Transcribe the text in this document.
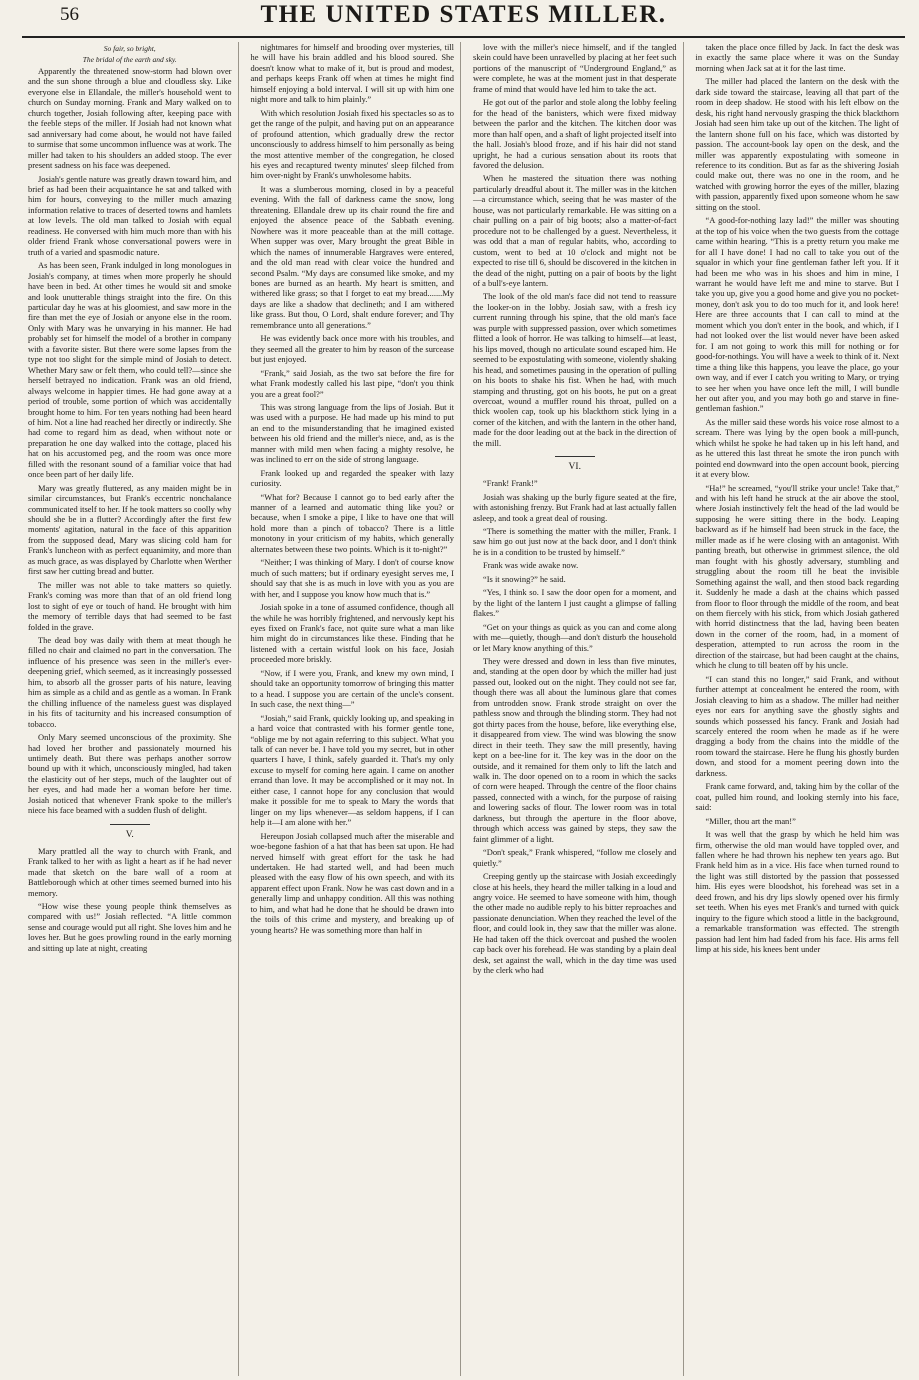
56	THE UNITED STATES MILLER.
So fair, so bright,
The bridal of the earth and sky.

Apparently the threatened snow-storm had blown over and the sun shone through a blue and cloudless sky. Like everyone else in Ellandale, the miller's household went to church on Sunday morning. Frank and Mary walked on to church together, Josiah following after, keeping pace with the feeble steps of the miller. If Josiah had not known what sad anniversary had come about, he would not have failed to surmise that some uncommon influence was at work. The miller had taken to his shoulders an added stoop. The ever present sadness on his face was deepened.

Josiah's gentle nature was greatly drawn toward him, and brief as had been their acquaintance he sat and talked with him for hours, conveying to the miller much amazing information relative to traces of deserted towns and hamlets at low levels. The old man talked to Josiah with equal readiness. He conversed with him much more than with his older friend Frank whose conversational powers were in truth of a varied and spasmodic nature.

As has been seen, Frank indulged in long monologues in Josiah's company, at times when more properly he should have been in bed. At other times he would sit and smoke and look unutterable things straight into the fire. On this particular day he was at his gloomiest, and saw more in the fire than met the eye of Josiah or anyone else in the room. Only with Mary was he unvarying in his manner. He had probably set for himself the model of a brother in company with a favorite sister. But there were some lapses from the type not too slight for the simple mind of Josiah to detect. Whether Mary saw or felt them, who could tell?—since she herself betrayed no indication. Frank was an old friend, always welcome in happier times. He had gone away at a period of trouble, some portion of which was accidentally brought home to him. For ten years nothing had been heard of him. Not a line had reached her directly or indirectly. She had come to regard him as dead, when without note or preparation he one day walked into the cottage, placed his hat on his accustomed peg, and the room was once more filled with the resonant sound of a familiar voice that had once been part of her daily life.

Mary was greatly fluttered, as any maiden might be in similar circumstances, but Frank's eccentric nonchalance communicated itself to her. If he took matters so coolly why should she be in a flutter? Accordingly after the first few moments' agitation, natural in the face of this apparition from the supposed dead, Mary was slicing cold ham for Frank's luncheon with as perfect equanimity, and more than as much grace, as was displayed by Charlotte when Werther first saw her cutting bread and butter.

The miller was not able to take matters so quietly. Frank's coming was more than that of an old friend long lost to sight of eye or touch of hand. He brought with him the memory of terrible days that had seemed to be fast folded in the grave.

The dead boy was daily with them at meat though he filled no chair and claimed no part in the conversation. The influence of his presence was seen in the miller's ever-deepening grief, which seemed, as it increasingly possessed him, to absorb all the grosser parts of his nature, leaving him as simple as a child and as gentle as a woman. In Frank the chilling influence of the nameless guest was displayed in his fits of taciturnity and his increased consumption of tobacco.

Only Mary seemed unconscious of the proximity. She had loved her brother and passionately mourned his untimely death. But there was perhaps another sorrow bound up with it which, unconsciously mingled, had taken the elasticity out of her steps, much of the laughter out of her eyes, and had made her a woman before her time. Josiah noticed that whenever Frank spoke to the miller's niece his face beamed with a sudden flush of delight.

V.

Mary prattled all the way to church with Frank, and Frank talked to her with as light a heart as if he had never made that sketch on the bare wall of a room at Battleborough which at other times seemed burned into his memory.

“How wise these young people think themselves as compared with us!” Josiah reflected. “A little common sense and courage would put all right. She loves him and he loves her. But he goes prowling round in the early morning and sitting up late at night, creating

nightmares for himself and brooding over mysteries, till he will have his brain addled and his blood soured. She doesn't know what to make of it, but is proud and modest, and perhaps keeps Frank off when at times he might find himself enjoying a bold interval. I will sit up with him one night more and talk to him plainly.”

With which resolution Josiah fixed his spectacles so as to get the range of the pulpit, and having put on an appearance of profound attention, which gradually drew the rector unconsciously to address himself to him personally as being the most attentive member of the congregation, he closed his eyes and recaptured twenty minutes' sleep filched from him over-night by Frank's unwholesome habits.

It was a slumberous morning, closed in by a peaceful evening. With the fall of darkness came the snow, long threatening. Ellandale drew up its chair round the fire and enjoyed the absence peace of the Sabbath evening. Nowhere was it more peaceable than at the mill cottage. When supper was over, Mary brought the great Bible in which the names of innumerable Hargraves were entered, and the old man read with clear voice the hundred and second Psalm. “My days are consumed like smoke, and my bones are burned as an hearth. My heart is smitten, and withered like grass; so that I forget to eat my bread.......My days are like a shadow that declineth; and I am withered like grass. But thou, O Lord, shalt endure forever; and Thy remembrance unto all generations.”

He was evidently back once more with his troubles, and they seemed all the greater to him by reason of the surcease but just enjoyed.

“Frank,” said Josiah, as the two sat before the fire for what Frank modestly called his last pipe, “don't you think you are a great fool?”

This was strong language from the lips of Josiah. But it was used with a purpose. He had made up his mind to put an end to the misunderstanding that he imagined existed between his old friend and the miller's niece, and, as is the manner with mild men when facing a mighty resolve, he was inclined to err on the side of strong language.

Frank looked up and regarded the speaker with lazy curiosity.

“What for? Because I cannot go to bed early after the manner of a learned and automatic thing like you? or because, when I smoke a pipe, I like to have one that will hold more than a pinch of tobacco? There is a little monotony in your criticism of my habits, which generally alternates between these two points. Which is it to-night?”

“Neither; I was thinking of Mary. I don't of course know much of such matters; but if ordinary eyesight serves me, I should say that she is as much in love with you as you are with her, and I suppose you know how much that is.”

Josiah spoke in a tone of assumed confidence, though all the while he was horribly frightened, and nervously kept his eyes fixed on Frank's face, not quite sure what a man like him might do in circumstances like these. Finding that he listened with a certain wistful look on his face, Josiah proceeded more briskly.

“Now, if I were you, Frank, and knew my own mind, I should take an opportunity tomorrow of bringing this matter to a head. I suppose you are certain of the uncle's consent. In such case, the next thing—”

“Josiah,” said Frank, quickly looking up, and speaking in a hard voice that contrasted with his former gentle tone, “oblige me by not again referring to this subject. What you talk of can never be. I have told you my secret, but in other quarters I have, I think, safely guarded it. That's my only excuse to myself for coming here again. I came on another errand than love. It may be accomplished or it may not. In either case, I cannot hope for any conclusion that would make it possible for me to speak to Mary the words that linger on my lips whenever—as seldom happens, if I can help it—I am alone with her.”

Hereupon Josiah collapsed much after the miserable and woe-begone fashion of a hat that has been sat upon. He had nerved himself with great effort for the task he had undertaken. He had started well, and had been much pleased with the easy flow of his own speech, and with its apparent effect upon Frank. Now he was cast down and in a generally limp and unhappy condition. All this was nothing to him, and what had he done that he should be drawn into the toils of this crime and mystery, and breaking up of young hearts? He was something more than half in

love with the miller's niece himself, and if the tangled skein could have been unravelled by placing at her feet such portions of the manuscript of “Underground England,” as were complete, he was at the moment just in that desperate frame of mind that would have led him to take the act.

He got out of the parlor and stole along the lobby feeling for the head of the banisters, which were fixed midway between the parlor and the kitchen. The kitchen door was more than half open, and a shaft of light projected itself into the hall. Josiah's blood froze, and if his hair did not stand upright, he had a curious sensation about its roots that favored the delusion.

When he mastered the situation there was nothing particularly dreadful about it. The miller was in the kitchen—a circumstance which, seeing that he was master of the house, was not particularly remarkable. He was sitting on a chair pulling on a pair of big boots; also a matter-of-fact procedure not to be challenged by a guest. Nevertheless, it was odd that a man of regular habits, who, according to custom, went to bed at 10 o'clock and might not be expected to rise till 6, should be discovered in the kitchen in the dead of the night, putting on a pair of boots by the light of a bull's-eye lantern.

The look of the old man's face did not tend to reassure the looker-on in the lobby. Josiah saw, with a fresh icy current running through his spine, that the old man's face was purple with suppressed passion, over which sometimes flitted a look of horror. He was talking to himself—at least, his lips moved, though no articulate sound escaped him. He seemed to be expostulating with someone, violently shaking his head, and sometimes pausing in the operation of pulling on his boots to shake his fist. When he had, with much stamping and thrusting, got on his boots, he put on a great overcoat, wound a muffler round his throat, pulled on a thick woolen cap, took up his blackthorn stick lying in a corner of the kitchen, and with the lantern in the other hand, made for the door leading out at the back in the direction of the mill.

VI.

“Frank! Frank!”

Josiah was shaking up the burly figure seated at the fire, with astonishing frenzy. But Frank had at last actually fallen asleep, and took a great deal of rousing.

“There is something the matter with the miller, Frank. I saw him go out just now at the back door, and I don't think he is in a condition to be trusted by himself.”

Frank was wide awake now.

“Is it snowing?” he said.

“Yes, I think so. I saw the door open for a moment, and by the light of the lantern I just caught a glimpse of falling flakes.”

“Get on your things as quick as you can and come along with me—quietly, though—and don't disturb the household or let Mary know anything of this.”

They were dressed and down in less than five minutes, and, standing at the open door by which the miller had just passed out, looked out on the night. They could not see far, though there was all about the luminous glare that comes from untrodden snow. Frank strode straight on over the pathless snow and through the blinding storm. They had not got thirty paces from the house, before, like everything else, it disappeared from view. The wind was blowing the snow direct in their teeth. They saw the mill presently, having kept on a bee-line for it. The key was in the door on the outside, and it remained for them only to lift the latch and walk in. The door opened on to a room in which the sacks of corn were heaped. Through the centre of the floor chains passed, connected with a winch, for the purpose of raising and lowering sacks of flour. The lower room was in total darkness, but through the aperture in the floor above, through which access was gained by steps, they saw the faint glimmer of a light.

“Don't speak,” Frank whispered, “follow me closely and quietly.”

Creeping gently up the staircase with Josiah exceedingly close at his heels, they heard the miller talking in a loud and angry voice. He seemed to have someone with him, though the other made no audible reply to his bitter reproaches and passionate denunciation. When they reached the level of the floor, and could look in, they saw that the miller was alone. He had taken off the thick overcoat and pushed the woolen cap back over his forehead. He was standing by a plain deal desk, set against the wall, which in the day time was used by the clerk who had

taken the place once filled by Jack. In fact the desk was in exactly the same place where it was on the Sunday morning when Jack sat at it for the last time.

The miller had placed the lantern on the desk with the dark side toward the staircase, leaving all that part of the room in deep shadow. He stood with his left elbow on the desk, his right hand nervously grasping the thick blackthorn Josiah had seen him take up out of the kitchen. The light of the lantern shone full on his face, which was distorted by passion. The account-book lay open on the desk, and the miller was apparently expostulating with someone in reference to its condition. But as far as the shivering Josiah could make out, there was no one in the room, and he watched with growing horror the eyes of the miller, blazing with passion, apparently fixed upon someone whom he saw sitting on the stool.

“A good-for-nothing lazy lad!” the miller was shouting at the top of his voice when the two guests from the cottage came within hearing. “This is a pretty return you make me for all I have done! I had no call to take you out of the squalor in which your fine gentleman father left you. If it had been me who was in his shoes and him in mine, I warrant he would have left me and mine to starve. But I take you up, give you a good home and give you no pocket-money, don't ask you to do too much for it, and look here! Here are three accounts that I can call to mind at the moment which you don't enter in the book, and which, if I had not looked over the list would never have been asked for. I am not going to work this mill for nothing or for good-for-nothings. You will have a week to think of it. Next time a thing like this happens, you leave the place, go your own way, and if ever I catch you writing to Mary, or trying to see her when you have once left the mill, I will bundle her out after you, and you may both go and starve in fine-gentleman fashion.”

As the miller said these words his voice rose almost to a scream. There was lying by the open book a mill-punch, which whilst he spoke he had taken up in his left hand, and as he uttered this last threat he smote the iron punch with pointed end downward into the open account book, piercing it at every blow.

“Ha!” he screamed, “you'll strike your uncle! Take that,” and with his left hand he struck at the air above the stool, where Josiah instinctively felt the head of the lad would be supposing he were sitting there in the body. Leaping backward as if he himself had been struck in the face, the miller made as if he were closing with an antagonist. With panting breath, but otherwise in grimmest silence, the old man fought with his ghostly adversary, stumbling and struggling about the room till he beat the invisible Something against the wall, and then stood back regarding it. Suddenly he made a dash at the chains which passed from floor to floor through the middle of the room, and beat on them fiercely with his stick, from which Josiah gathered with horrid distinctness that the lad, having been beaten down in the corner of the room, had, in a moment of desperation, attempted to run across the room in the direction of the staircase, but had been caught at the chains, which he clung to till beaten off by his uncle.

“I can stand this no longer,” said Frank, and without further attempt at concealment he entered the room, with Josiah cleaving to him as a shadow. The miller had neither eyes nor ears for anything save the ghostly sights and sounds which possessed his fancy. Frank and Josiah had scarcely entered the room when he made as if he were dragging a body from the chains into the middle of the room toward the staircase. Here he flung his ghostly burden down, and stood for a moment peering down into the darkness.

Frank came forward, and, taking him by the collar of the coat, pulled him round, and looking sternly into his face, said:

“Miller, thou art the man!”

It was well that the grasp by which he held him was firm, otherwise the old man would have toppled over, and fallen where he had thrown his nephew ten years ago. But Frank held him as in a vice. His face when turned round to the light was still distorted by the passion that possessed him. His eyes were bloodshot, his forehead was set in a deed frown, and his dry lips slowly opened over his firmly set teeth. When his eyes met Frank's and turned with quick inquiry to the figure which stood a little in the background, a remarkable transformation was effected. The strength passion had lent him had faded from his face. His arms fell limp at his side, his knees bent under
